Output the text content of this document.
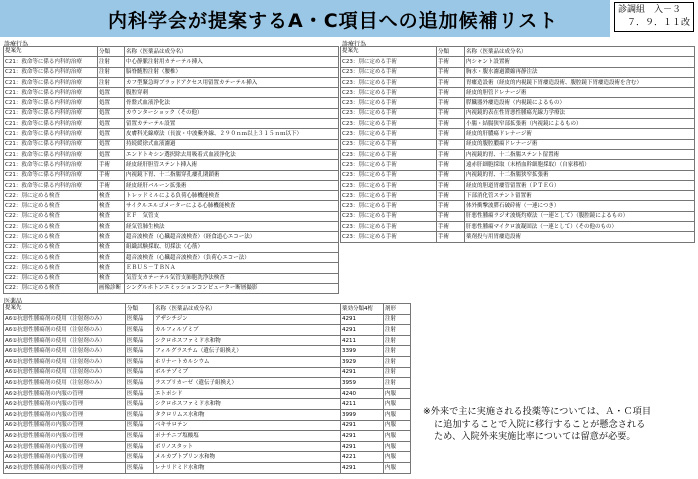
内科学会が提案するA・C項目への追加候補リスト	診調組　入－３
７．９．１１改
診療行為	診療行為
提案先	分類	名称（医薬品は成分名）
C21：救命等に係る内科的治療	注射	中心静脈注射用カテーテル挿入
C21：救命等に係る内科的治療	注射	脳脊髄腔注射（腰椎）
C21：救命等に係る内科的治療	注射	カフ型緊急時ブラッドアクセス用留置カテーテル挿入
C21：救命等に係る内科的治療	処置	腹腔穿刺
C21：救命等に係る内科的治療	処置	骨盤式血液浄化法
C21：救命等に係る内科的治療	処置	カウンターショック（その他）
C21：救命等に係る内科的治療	処置	留置カテーテル設置
C21：救命等に係る内科的治療	処置	皮膚科光線療法（長波・中波紫外線、２９０ｎｍ以上３１５ｎｍ以下）
C21：救命等に係る内科的治療	処置	持続緩徐式血液濾過
C21：救命等に係る内科的治療	処置	エンドトキシン選択除去用吸着式血液浄化法
C21：救命等に係る内科的治療	手術	経皮経肝胆管ステント挿入術
C21：救命等に係る内科的治療	手術	内視鏡下胃、十二指腸穿孔瘻孔閉鎖術
C21：救命等に係る内科的治療	手術	経皮経肝バルーン拡張術
C22：別に定める検査	検査	トレッドミルによる負荷心肺機能検査
C22：別に定める検査	検査	サイクルエルゴメーターによる心肺機能検査
C22：別に定める検査	検査	ＥＦ　気管支
C22：別に定める検査	検査	経気管肺生検法
C22：別に定める検査	検査	超音波検査（心臓超音波検査）（経食道心エコー法）
C22：別に定める検査	検査	組織試験採取、切採法（心筋）
C22：別に定める検査	検査	超音波検査（心臓超音波検査）（負荷心エコー法）
C22：別に定める検査	検査	ＥＢＵＳ－ＴＢＮＡ
C22：別に定める検査	検査	気管支カテーテル気管支肺胞洗浄法検査
C22：別に定める検査	画像診断	シングルホトンエミッションコンピューター断層撮影
提案先	分類	名称（医薬品は成分名）
C23：別に定める手術	手術	内シャント設置術
C23：別に定める手術	手術	胸水・腹水濾過濃縮再静注法
C23：別に定める手術	手術	胃瘻造設術（経皮的内視鏡下胃瘻造設術、腹腔鏡下胃瘻造設術を含む）
C23：別に定める手術	手術	経皮的胆管ドレナージ術
C23：別に定める手術	手術	膵臓器外瘻造設術（内視鏡によるもの）
C23：別に定める手術	手術	内視鏡的表在性胃悪性腫瘍光線力学療法
C23：別に定める手術	手術	小腸・結腸狭窄部拡張術（内視鏡によるもの）
C23：別に定める手術	手術	経皮的肝膿瘍ドレナージ術
C23：別に定める手術	手術	経皮的腹腔膿瘍ドレナージ術
C23：別に定める手術	手術	内視鏡的胃、十二指腸ステント留置術
C23：別に定める手術	手術	遠赤肝細胞採取（末梢血幹細胞採取）（自家移植）
C23：別に定める手術	手術	内視鏡的胃、十二指腸狭窄拡張術
C23：別に定める手術	手術	経皮的胆道胃瘻管留置術（ＰＴＥＧ）
C23：別に定める手術	手術	下部消化管ステント留置術
C23：別に定める手術	手術	体外衝撃波膵石破砕術（一連につき）
C23：別に定める手術	手術	肝悪性腫瘍ラジオ波焼灼療法（一連として）（腹腔鏡によるもの）
C23：別に定める手術	手術	肝悪性腫瘍マイクロ波凝固法（一連として）（その他のもの）
C23：別に定める手術	手術	薬剤投与用胃瘻造設術
医薬品
提案先	分類	名称（医薬品は成分名）	薬効分類4桁	剤形
A6①抗悪性腫瘍剤の使用（注射剤のみ）	医薬品	アザシチジン	4291	注射
A6①抗悪性腫瘍剤の使用（注射剤のみ）	医薬品	カルフィルゾミブ	4291	注射
A6①抗悪性腫瘍剤の使用（注射剤のみ）	医薬品	シクロホスファミド水和物	4211	注射
A6①抗悪性腫瘍剤の使用（注射剤のみ）	医薬品	フィルグラスチム（遺伝子組換え）	3399	注射
A6①抗悪性腫瘍剤の使用（注射剤のみ）	医薬品	ホリナートカルシウム	3929	注射
A6①抗悪性腫瘍剤の使用（注射剤のみ）	医薬品	ボルテゾミブ	4291	注射
A6①抗悪性腫瘍剤の使用（注射剤のみ）	医薬品	ラスブリカーゼ（遺伝子組換え）	3959	注射
A6②抗悪性腫瘍剤の内服の管理	医薬品	エトポシド	4240	内服
A6②抗悪性腫瘍剤の内服の管理	医薬品	シクロホスファミド水和物	4211	内服
A6②抗悪性腫瘍剤の内服の管理	医薬品	タクロリムス水和物	3999	内服
A6②抗悪性腫瘍剤の内服の管理	医薬品	ベキサロテン	4291	内服
A6②抗悪性腫瘍剤の内服の管理	医薬品	ポナチニブ塩酸塩	4291	内服
A6②抗悪性腫瘍剤の内服の管理	医薬品	ボリノスタット	4291	内服
A6②抗悪性腫瘍剤の内服の管理	医薬品	メルカプトプリン水和物	4221	内服
A6②抗悪性腫瘍剤の内服の管理	医薬品	レナリドミド水和物	4291	内服

※外来で主に実施される投薬等については、Ａ・Ｃ項目

に追加することで入院に移行することが懸念される

ため、入院外来実施比率については留意が必要。
